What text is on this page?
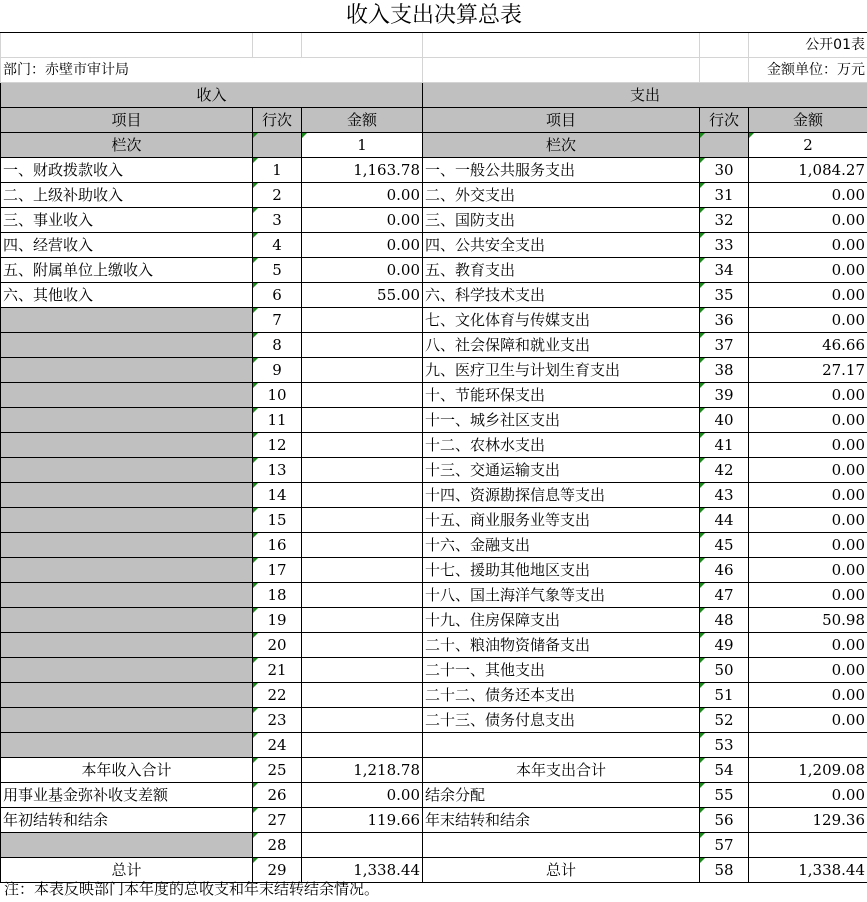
收入支出决算总表					
					公开01表
部门：赤壁市审计局					金额单位：万元
收入			支出		
项目	行次	金额	项目	行次	金额
栏次		1	栏次		2
一、财政拨款收入	1	1,163.78	一、一般公共服务支出	30	1,084.27
二、上级补助收入	2	0.00	二、外交支出	31	0.00
三、事业收入	3	0.00	三、国防支出	32	0.00
四、经营收入	4	0.00	四、公共安全支出	33	0.00
五、附属单位上缴收入	5	0.00	五、教育支出	34	0.00
六、其他收入	6	55.00	六、科学技术支出	35	0.00
	7		七、文化体育与传媒支出	36	0.00
	8		八、社会保障和就业支出	37	46.66
	9		九、医疗卫生与计划生育支出	38	27.17
	10		十、节能环保支出	39	0.00
	11		十一、城乡社区支出	40	0.00
	12		十二、农林水支出	41	0.00
	13		十三、交通运输支出	42	0.00
	14		十四、资源勘探信息等支出	43	0.00
	15		十五、商业服务业等支出	44	0.00
	16		十六、金融支出	45	0.00
	17		十七、援助其他地区支出	46	0.00
	18		十八、国土海洋气象等支出	47	0.00
	19		十九、住房保障支出	48	50.98
	20		二十、粮油物资储备支出	49	0.00
	21		二十一、其他支出	50	0.00
	22		二十二、债务还本支出	51	0.00
	23		二十三、债务付息支出	52	0.00
	24			53	
本年收入合计	25	1,218.78	本年支出合计	54	1,209.08
用事业基金弥补收支差额	26	0.00	结余分配	55	0.00
年初结转和结余	27	119.66	年末结转和结余	56	129.36
	28			57	
总计	29	1,338.44	总计	58	1,338.44
注：本表反映部门本年度的总收支和年末结转结余情况。
